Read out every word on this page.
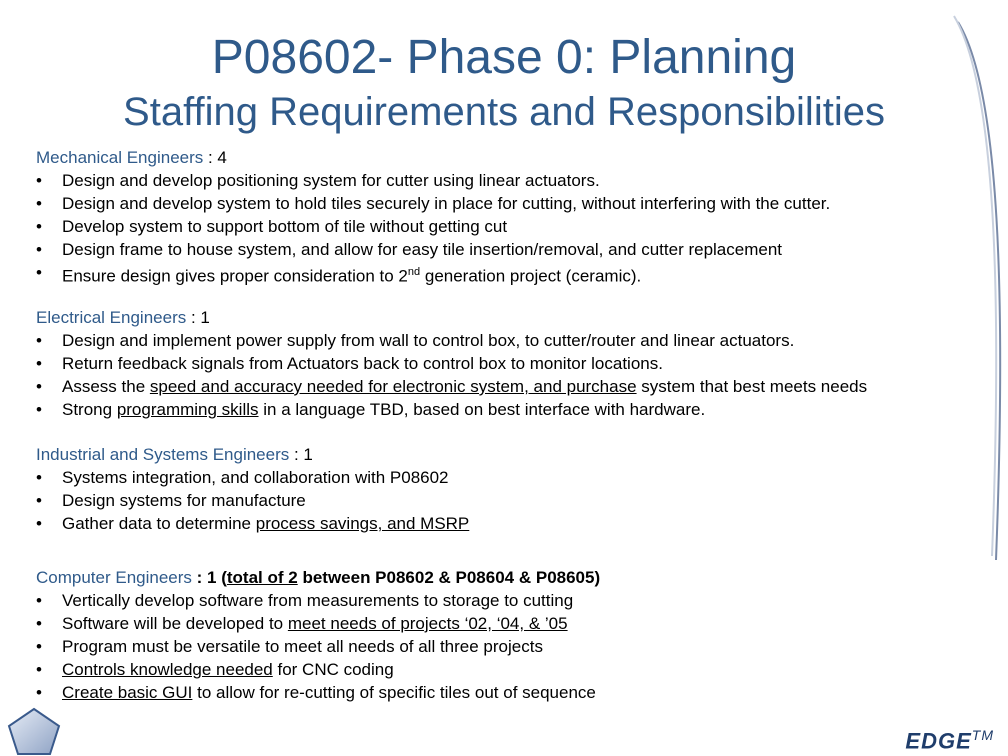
P08602- Phase 0: Planning
Staffing Requirements and Responsibilities
Mechanical Engineers : 4
• Design and develop positioning system for cutter using linear actuators.
• Design and develop system to hold tiles securely in place for cutting, without interfering with the cutter.
• Develop system to support bottom of tile without getting cut
• Design frame to house system, and allow for easy tile insertion/removal, and cutter replacement
• Ensure design gives proper consideration to 2nd generation project (ceramic).
Electrical Engineers : 1
• Design and implement power supply from wall to control box, to cutter/router and linear actuators.
• Return feedback signals from Actuators back to control box to monitor locations.
• Assess the speed and accuracy needed for electronic system, and purchase system that best meets needs
• Strong programming skills in a language TBD, based on best interface with hardware.
Industrial and Systems Engineers : 1
• Systems integration, and collaboration with P08602
• Design systems for manufacture
• Gather data to determine process savings, and MSRP
Computer Engineers : 1 (total of 2 between P08602 & P08604 & P08605)
• Vertically develop software from measurements to storage to cutting
• Software will be developed to meet needs of projects ‘02, ‘04, & ’05
• Program must be versatile to meet all needs of all three projects
• Controls knowledge needed for CNC coding
• Create basic GUI to allow for re-cutting of specific tiles out of sequence
EDGE™
